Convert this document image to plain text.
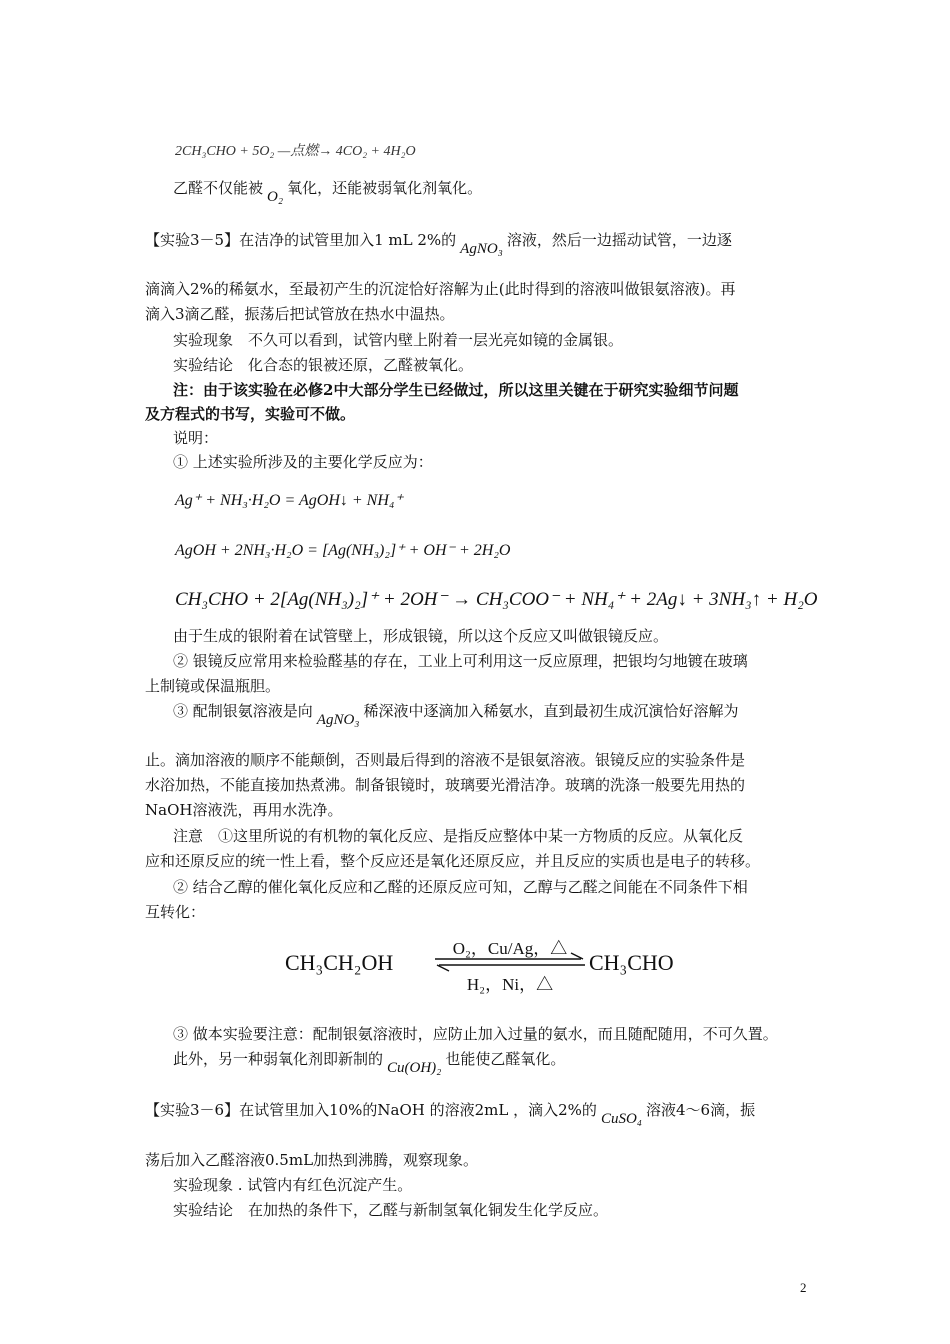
2CH₃CHO + 5O₂ —点燃→ 4CO₂ + 4H₂O
乙醛不仅能被 O₂ 氧化，还能被弱氧化剂氧化。
【实验3－5】在洁净的试管里加入1 mL 2%的 AgNO₃ 溶液，然后一边摇动试管，一边逐
滴滴入2%的稀氨水，至最初产生的沉淀恰好溶解为止(此时得到的溶液叫做银氨溶液)。再
滴入3滴乙醛，振荡后把试管放在热水中温热。
实验现象　不久可以看到，试管内壁上附着一层光亮如镜的金属银。
实验结论　化合态的银被还原，乙醛被氧化。
注：由于该实验在必修2中大部分学生已经做过，所以这里关键在于研究实验细节问题
及方程式的书写，实验可不做。
说明：
① 上述实验所涉及的主要化学反应为：
Ag⁺ + NH₃·H₂O = AgOH↓ + NH₄⁺
AgOH + 2NH₃·H₂O = [Ag(NH₃)₂]⁺ + OH⁻ + 2H₂O
CH₃CHO + 2[Ag(NH₃)₂]⁺ + 2OH⁻ → CH₃COO⁻ + NH₄⁺ + 2Ag↓ + 3NH₃↑ + H₂O
由于生成的银附着在试管壁上，形成银镜，所以这个反应又叫做银镜反应。
② 银镜反应常用来检验醛基的存在，工业上可利用这一反应原理，把银均匀地镀在玻璃
上制镜或保温瓶胆。
③ 配制银氨溶液是向 AgNO₃ 稀深液中逐滴加入稀氨水，直到最初生成沉演恰好溶解为
止。滴加溶液的顺序不能颠倒，否则最后得到的溶液不是银氨溶液。银镜反应的实验条件是
水浴加热，不能直接加热煮沸。制备银镜时，玻璃要光滑洁净。玻璃的洗涤一般要先用热的
NaOH溶液洗，再用水洗净。
注意　①这里所说的有机物的氧化反应、是指反应整体中某一方物质的反应。从氧化反
应和还原反应的统一性上看，整个反应还是氧化还原反应，并且反应的实质也是电子的转移。
② 结合乙醇的催化氧化反应和乙醛的还原反应可知，乙醇与乙醛之间能在不同条件下相
互转化：
CH₃CH₂OH
O₂，Cu/Ag，△
H₂，Ni，△
CH₃CHO
③ 做本实验要注意：配制银氨溶液时，应防止加入过量的氨水，而且随配随用，不可久置。
此外，另一种弱氧化剂即新制的 Cu(OH)₂ 也能使乙醛氧化。
【实验3－6】在试管里加入10%的NaOH 的溶液2mL ，滴入2%的 CuSO₄ 溶液4～6滴，振
荡后加入乙醛溶液0.5mL加热到沸腾，观察现象。
实验现象 . 试管内有红色沉淀产生。
实验结论　在加热的条件下，乙醛与新制氢氧化铜发生化学反应。
2
